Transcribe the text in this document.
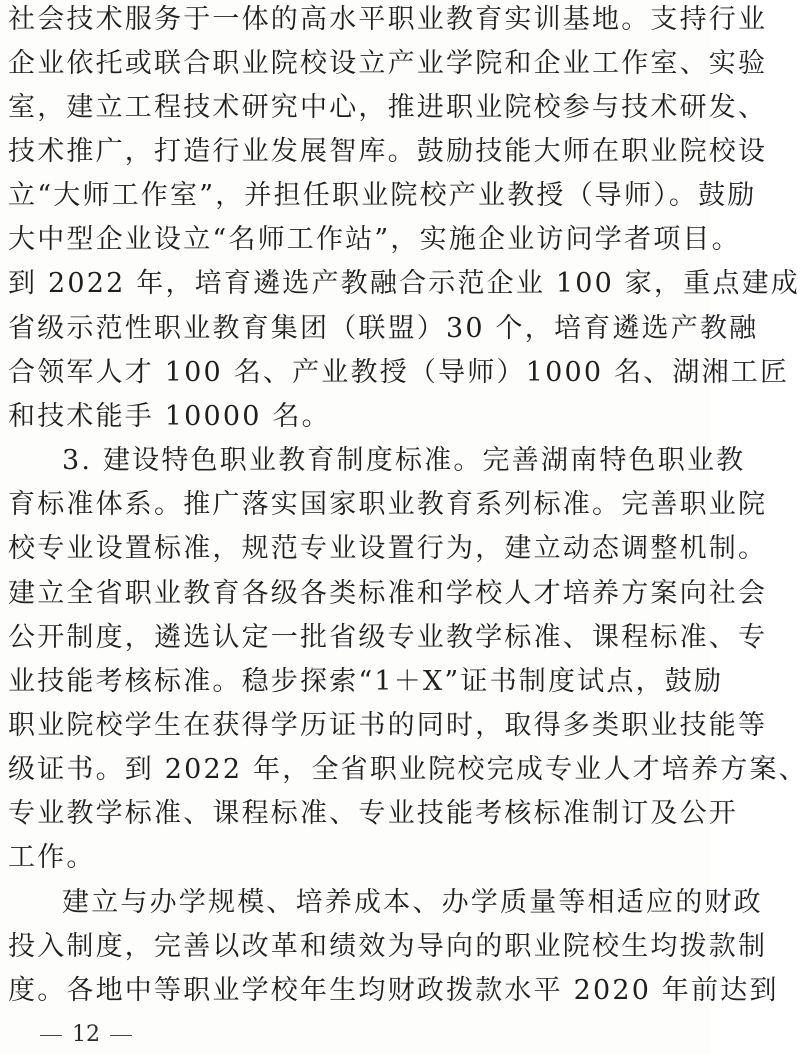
社会技术服务于一体的高水平职业教育实训基地。支持行业
企业依托或联合职业院校设立产业学院和企业工作室、实验
室，建立工程技术研究中心，推进职业院校参与技术研发、
技术推广，打造行业发展智库。鼓励技能大师在职业院校设
立“大师工作室”，并担任职业院校产业教授（导师）。鼓励
大中型企业设立“名师工作站”，实施企业访问学者项目。
到 2022 年，培育遴选产教融合示范企业 100 家，重点建成
省级示范性职业教育集团（联盟）30 个，培育遴选产教融
合领军人才 100 名、产业教授（导师）1000 名、湖湘工匠
和技术能手 10000 名。
3. 建设特色职业教育制度标准。完善湖南特色职业教
育标准体系。推广落实国家职业教育系列标准。完善职业院
校专业设置标准，规范专业设置行为，建立动态调整机制。
建立全省职业教育各级各类标准和学校人才培养方案向社会
公开制度，遴选认定一批省级专业教学标准、课程标准、专
业技能考核标准。稳步探索“1＋X”证书制度试点，鼓励
职业院校学生在获得学历证书的同时，取得多类职业技能等
级证书。到 2022 年，全省职业院校完成专业人才培养方案、
专业教学标准、课程标准、专业技能考核标准制订及公开
工作。
建立与办学规模、培养成本、办学质量等相适应的财政
投入制度，完善以改革和绩效为导向的职业院校生均拨款制
度。各地中等职业学校年生均财政拨款水平 2020 年前达到
12
